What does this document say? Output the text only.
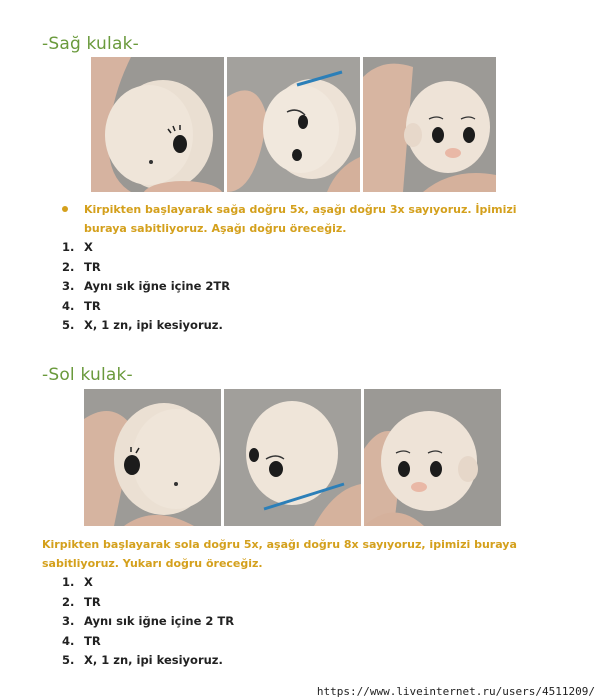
-Sağ kulak-
Kirpikten başlayarak sağa doğru 5x, aşağı doğru 3x sayıyoruz. İpimizi buraya sabitliyoruz. Aşağı doğru öreceğiz.
1. X
2. TR
3. Aynı sık iğne içine 2TR
4. TR
5. X, 1 zn, ipi kesiyoruz.
-Sol kulak-
Kirpikten başlayarak sola doğru 5x, aşağı doğru 8x sayıyoruz, ipimizi buraya sabitliyoruz. Yukarı doğru öreceğiz.
1. X
2. TR
3. Aynı sık iğne içine 2 TR
4. TR
5. X, 1 zn, ipi kesiyoruz.
https://www.liveinternet.ru/users/4511209/
